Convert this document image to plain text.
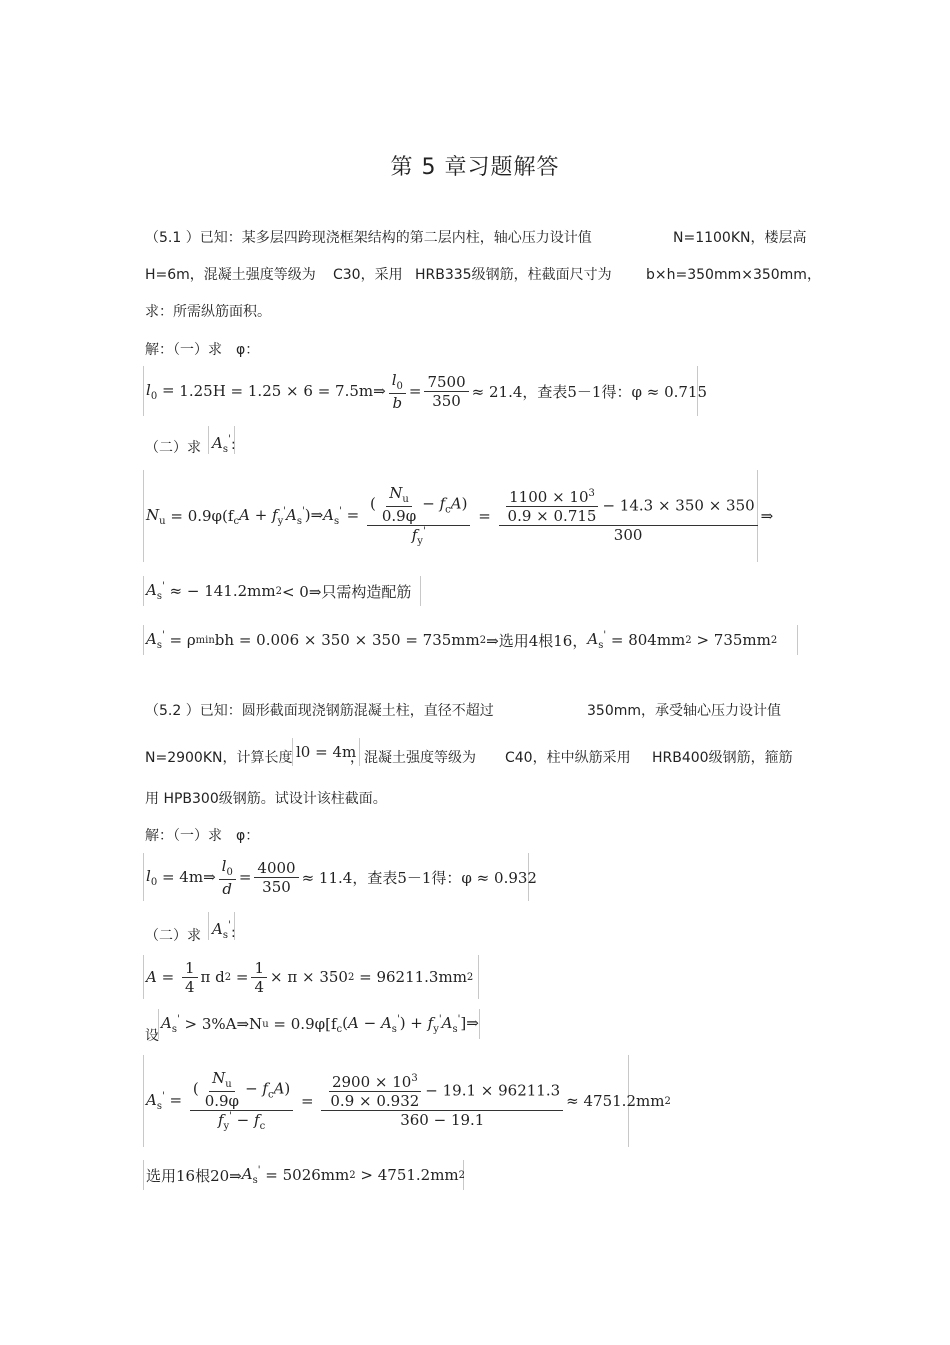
第 5 章习题解答
（5.1 ）已知：某多层四跨现浇框架结构的第二层内柱，轴心压力设计值	N=1100KN，楼层高
H=6m，混凝土强度等级为 C30，采用 HRB335级钢筋，柱截面尺寸为 b×h=350mm×350mm，
求：所需纵筋面积。
解：（一）求　φ：
$l_0 = 1.25H = 1.25 \times 6$ = 7.5m⇒ $\frac{l_0}{b} = \frac{7500}{350} \approx 21.4$，查表5－1得：φ ≈ 0.715
（二）求 $A_s'$ :
$N_u = 0.9\varphi(f$ $_cA + f_y'A_s')\Rightarrow A_s' = \frac{( \frac{N_u}{0.9\varphi} - f_cA)}{f_y'} = \frac{\frac{1100 \times 10^3}{0.9 \times 0.715} - 14.3 \times 350 \times 350}{300}$ ⇒
$A_s'$ ≈ − 141.2mm 2 < 0⇒只需构造配筋
$A_s' = \rho$ min bh = 0.006 × 350 × 350 = 735mm 2 ⇒选用4根16， $A_s' = 804mm$ 2
> 735mm 2
（5.2 ）已知：圆形截面现浇钢筋混凝土柱，直径不超过	350mm，承受轴心压力设计值
N=2900KN，计算长度 l0 = 4m
，混凝土强度等级为 C40，柱中纵筋采用 HRB400级钢筋，箍筋
用 HPB300级钢筋。试设计该柱截面。
解：（一）求　φ：
$l_0$ = 4m⇒ $\frac{l_0}{d} = \frac{4000}{350} \approx 11.4$，查表5－1得：φ ≈ 0.932
（二）求 $A_s'$ :
$A = \frac{1}{4}$ π d 2
= $\frac{1}{4} \times \pi \times 350$ 2
= 96211.3mm 2
设
$A_s'$ > 3%A⇒N u
= 0.9φ[f $_c(A - A_s')$ + $f_y'A_s']\Rightarrow$
$A_s' = \frac{( \frac{N_u}{0.9\varphi} - f_cA)}{f_y' - f_c} = \frac{\frac{2900 \times 10^3}{0.9 \times 0.932} - 19.1 \times 96211.3}{360 - 19.1} \approx 4751.2mm$ 2
选用16根20⇒ $A_s' = 5026mm$ 2
> 4751.2mm 2
